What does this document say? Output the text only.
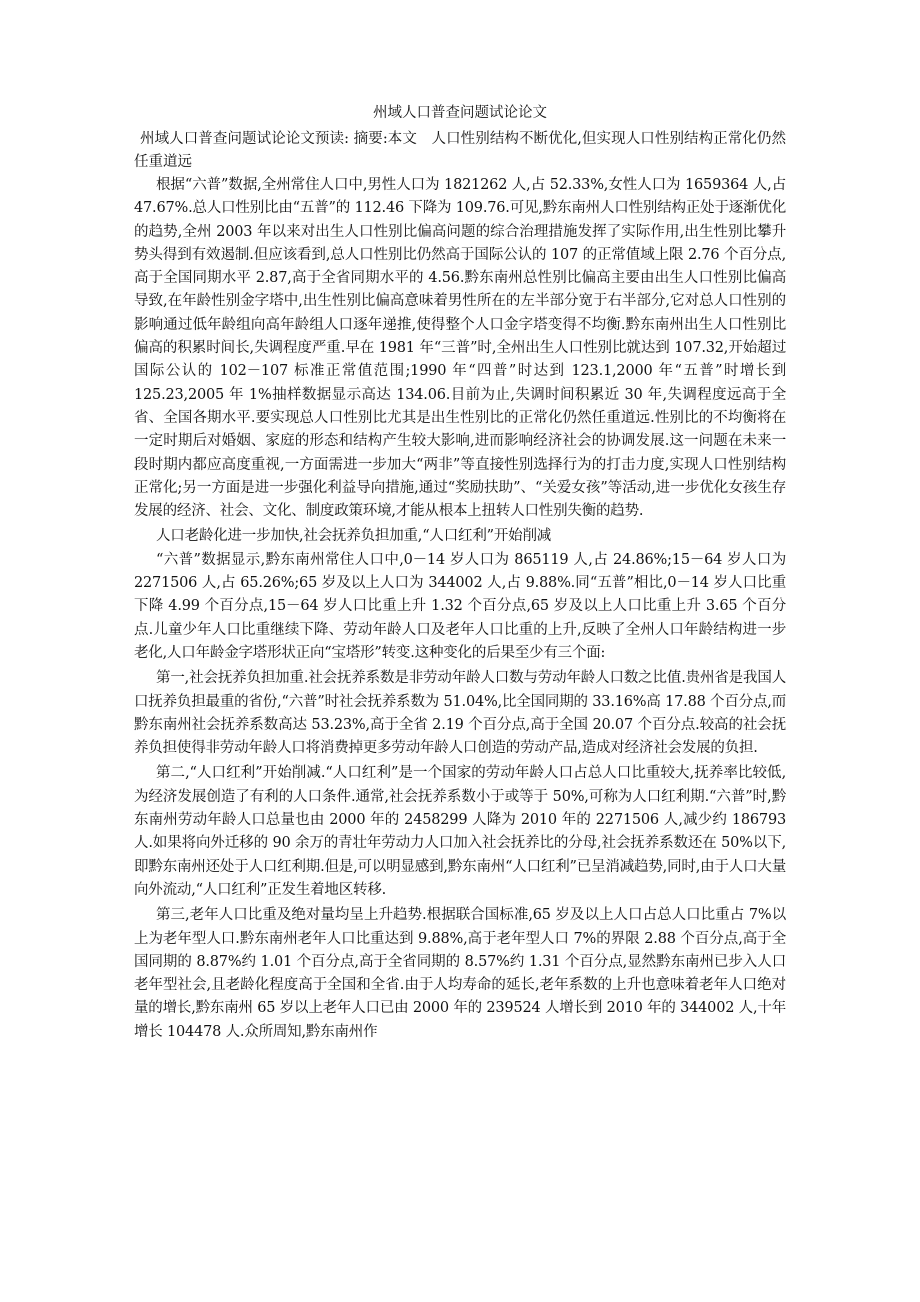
州域人口普查问题试论论文

州域人口普查问题试论论文预读: 摘要:本文　人口性别结构不断优化,但实现人口性别结构正常化仍然任重道远

根据“六普”数据,全州常住人口中,男性人口为 1821262 人,占 52.33%,女性人口为 1659364 人,占 47.67%.总人口性别比由“五普”的 112.46 下降为 109.76.可见,黔东南州人口性别结构正处于逐渐优化的趋势,全州 2003 年以来对出生人口性别比偏高问题的综合治理措施发挥了实际作用,出生性别比攀升势头得到有效遏制.但应该看到,总人口性别比仍然高于国际公认的 107 的正常值域上限 2.76 个百分点,高于全国同期水平 2.87,高于全省同期水平的 4.56.黔东南州总性别比偏高主要由出生人口性别比偏高导致,在年龄性别金字塔中,出生性别比偏高意味着男性所在的左半部分宽于右半部分,它对总人口性别的影响通过低年龄组向高年龄组人口逐年递推,使得整个人口金字塔变得不均衡.黔东南州出生人口性别比偏高的积累时间长,失调程度严重.早在 1981 年“三普”时,全州出生人口性别比就达到 107.32,开始超过国际公认的 102－107 标准正常值范围;1990 年“四普”时达到 123.1,2000 年“五普”时增长到 125.23,2005 年 1%抽样数据显示高达 134.06.目前为止,失调时间积累近 30 年,失调程度远高于全省、全国各期水平.要实现总人口性别比尤其是出生性别比的正常化仍然任重道远.性别比的不均衡将在一定时期后对婚姻、家庭的形态和结构产生较大影响,进而影响经济社会的协调发展.这一问题在未来一段时期内都应高度重视,一方面需进一步加大“两非”等直接性别选择行为的打击力度,实现人口性别结构正常化;另一方面是进一步强化利益导向措施,通过“奖励扶助”、“关爱女孩”等活动,进一步优化女孩生存发展的经济、社会、文化、制度政策环境,才能从根本上扭转人口性别失衡的趋势.

人口老龄化进一步加快,社会抚养负担加重,“人口红利”开始削减

“六普”数据显示,黔东南州常住人口中,0－14 岁人口为 865119 人,占 24.86%;15－64 岁人口为 2271506 人,占 65.26%;65 岁及以上人口为 344002 人,占 9.88%.同“五普”相比,0－14 岁人口比重下降 4.99 个百分点,15－64 岁人口比重上升 1.32 个百分点,65 岁及以上人口比重上升 3.65 个百分点.儿童少年人口比重继续下降、劳动年龄人口及老年人口比重的上升,反映了全州人口年龄结构进一步老化,人口年龄金字塔形状正向“宝塔形”转变.这种变化的后果至少有三个面:

第一,社会抚养负担加重.社会抚养系数是非劳动年龄人口数与劳动年龄人口数之比值.贵州省是我国人口抚养负担最重的省份,“六普”时社会抚养系数为 51.04%,比全国同期的 33.16%高 17.88 个百分点,而黔东南州社会抚养系数高达 53.23%,高于全省 2.19 个百分点,高于全国 20.07 个百分点.较高的社会抚养负担使得非劳动年龄人口将消费掉更多劳动年龄人口创造的劳动产品,造成对经济社会发展的负担.

第二,“人口红利”开始削减.“人口红利”是一个国家的劳动年龄人口占总人口比重较大,抚养率比较低,为经济发展创造了有利的人口条件.通常,社会抚养系数小于或等于 50%,可称为人口红利期.“六普”时,黔东南州劳动年龄人口总量也由 2000 年的 2458299 人降为 2010 年的 2271506 人,减少约 186793 人.如果将向外迁移的 90 余万的青壮年劳动力人口加入社会抚养比的分母,社会抚养系数还在 50%以下,即黔东南州还处于人口红利期.但是,可以明显感到,黔东南州“人口红利”已呈消减趋势,同时,由于人口大量向外流动,“人口红利”正发生着地区转移.

第三,老年人口比重及绝对量均呈上升趋势.根据联合国标准,65 岁及以上人口占总人口比重占 7%以上为老年型人口.黔东南州老年人口比重达到 9.88%,高于老年型人口 7%的界限 2.88 个百分点,高于全国同期的 8.87%约 1.01 个百分点,高于全省同期的 8.57%约 1.31 个百分点,显然黔东南州已步入人口老年型社会,且老龄化程度高于全国和全省.由于人均寿命的延长,老年系数的上升也意味着老年人口绝对量的增长,黔东南州 65 岁以上老年人口已由 2000 年的 239524 人增长到 2010 年的 344002 人,十年增长 104478 人.众所周知,黔东南州作
